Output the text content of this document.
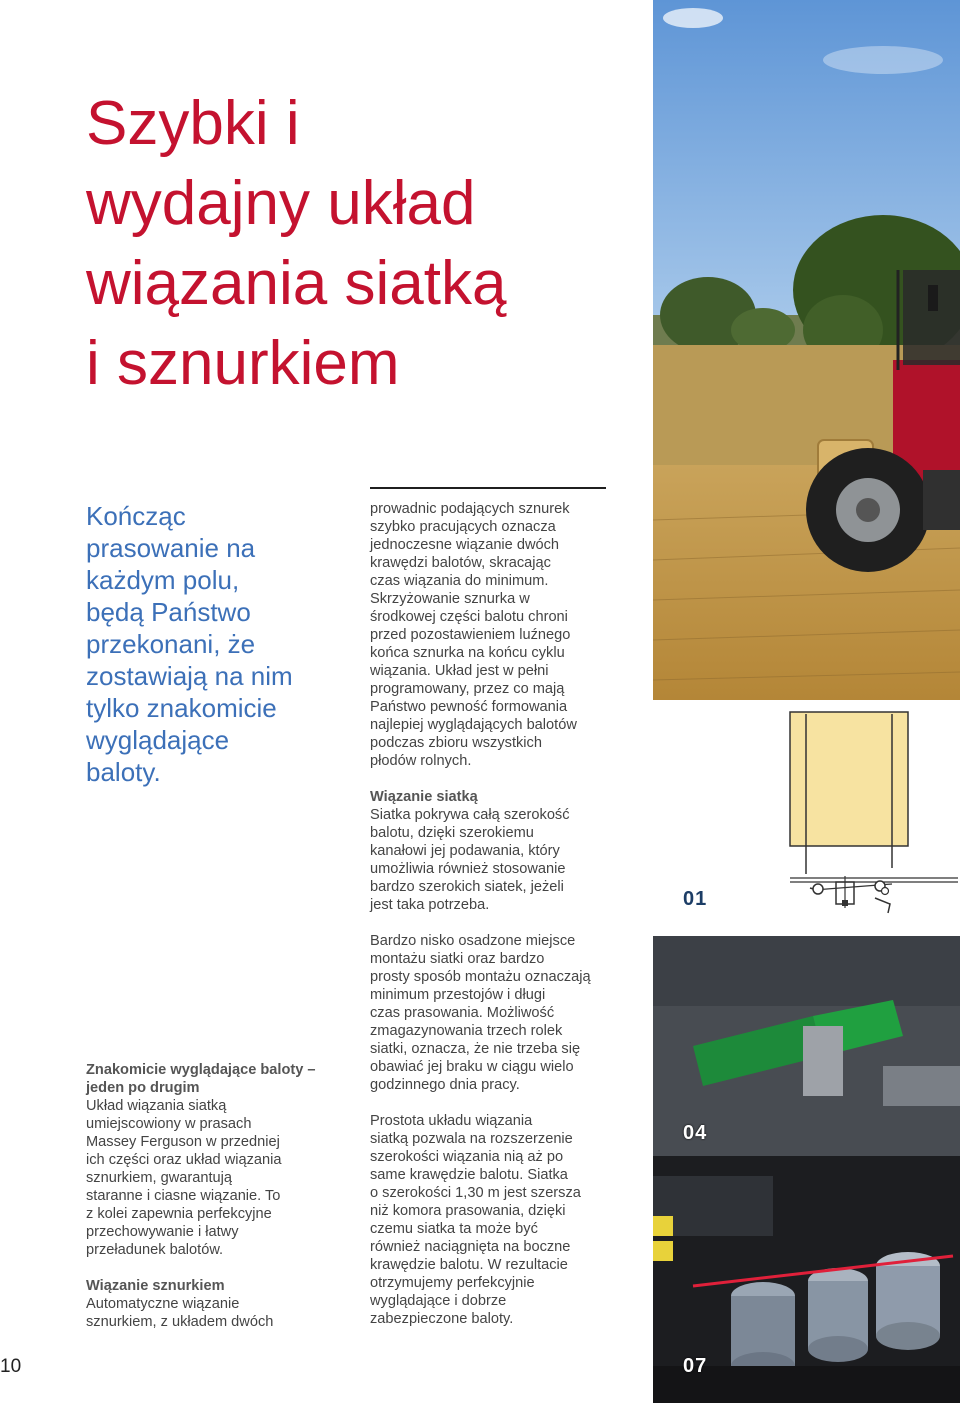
Szybki i
wydajny układ
wiązania siatką
i sznurkiem
Kończąc
prasowanie na
każdym polu,
będą Państwo
przekonani, że
zostawiają na nim
tylko znakomicie
wyglądające
baloty.
prowadnic podających sznurek
szybko pracujących oznacza
jednoczesne wiązanie dwóch
krawędzi balotów, skracając
czas wiązania do minimum.
Skrzyżowanie sznurka w
środkowej części balotu chroni
przed pozostawieniem luźnego
końca sznurka na końcu cyklu
wiązania. Układ jest w pełni
programowany, przez co mają
Państwo pewność formowania
najlepiej wyglądających balotów
podczas zbioru wszystkich
płodów rolnych.
Wiązanie siatką
Siatka pokrywa całą szerokość
balotu, dzięki szerokiemu
kanałowi jej podawania, który
umożliwia również stosowanie
bardzo szerokich siatek, jeżeli
jest taka potrzeba.
Bardzo nisko osadzone miejsce
montażu siatki oraz bardzo
prosty sposób montażu oznaczają
minimum przestojów i długi
czas prasowania. Możliwość
zmagazynowania trzech rolek
siatki, oznacza, że nie trzeba się
obawiać jej braku w ciągu wielo
godzinnego dnia pracy.
Prostota układu wiązania
siatką pozwala na rozszerzenie
szerokości wiązania nią aż po
same krawędzie balotu. Siatka
o szerokości 1,30 m jest szersza
niż komora prasowania, dzięki
czemu siatka ta może być
również naciągnięta na boczne
krawędzie balotu. W rezultacie
otrzymujemy perfekcyjnie
wyglądające i dobrze
zabezpieczone baloty.
Znakomicie wyglądające baloty –
jeden po drugim
Układ wiązania siatką
umiejscowiony w prasach
Massey Ferguson w przedniej
ich części oraz układ wiązania
sznurkiem, gwarantują
staranne i ciasne wiązanie. To
z kolei zapewnia perfekcyjne
przechowywanie i łatwy
przeładunek balotów.
Wiązanie sznurkiem
Automatyczne wiązanie
sznurkiem, z układem dwóch
10
01
04
07
